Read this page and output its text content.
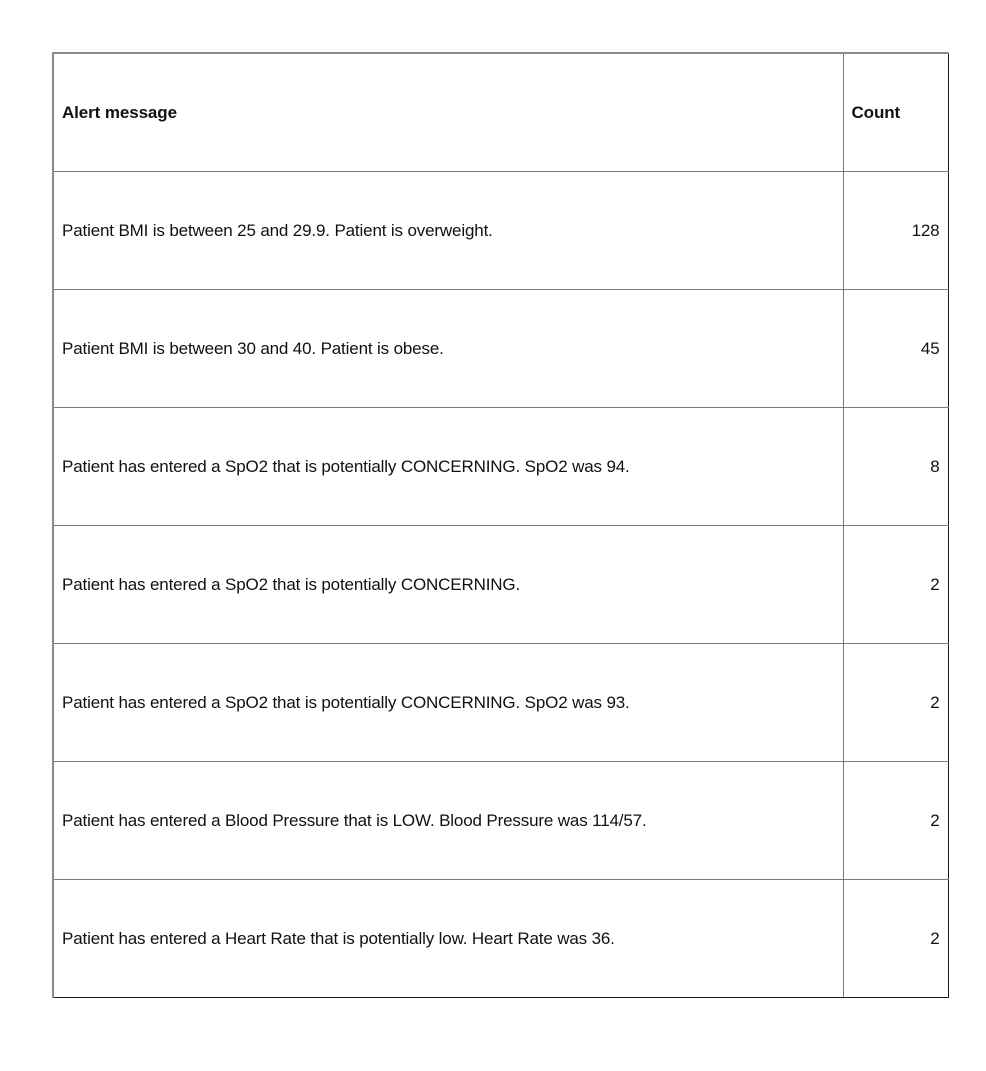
Alert message	Count

Patient BMI is between 25 and 29.9. Patient is overweight.	128

Patient BMI is between 30 and 40. Patient is obese.	45

Patient has entered a SpO2 that is potentially CONCERNING. SpO2 was 94.	8

Patient has entered a SpO2 that is potentially CONCERNING.	2

Patient has entered a SpO2 that is potentially CONCERNING. SpO2 was 93.	2

Patient has entered a Blood Pressure that is LOW. Blood Pressure was 114/57.	2

Patient has entered a Heart Rate that is potentially low. Heart Rate was 36.	2
